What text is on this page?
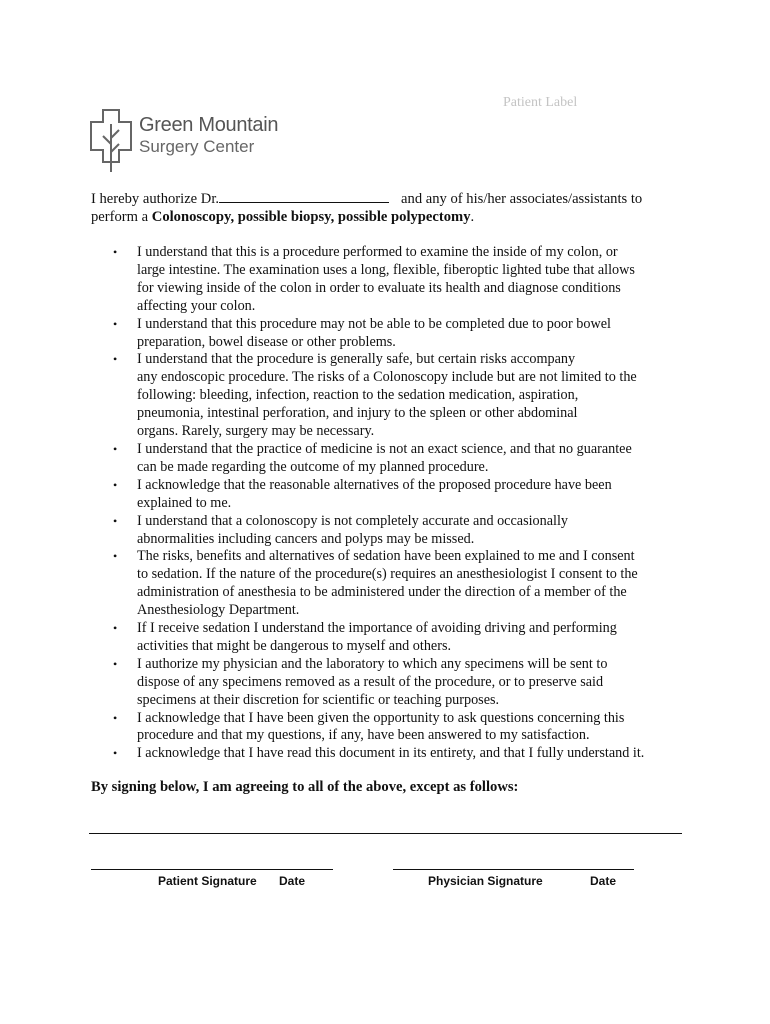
Patient Label
Green Mountain
Surgery Center
I hereby authorize Dr.	and any of his/her associates/assistants to
perform a Colonoscopy, possible biopsy, possible polypectomy.
• I understand that this is a procedure performed to examine the inside of my colon, or
large intestine. The examination uses a long, flexible, fiberoptic lighted tube that allows
for viewing inside of the colon in order to evaluate its health and diagnose conditions
affecting your colon.
• I understand that this procedure may not be able to be completed due to poor bowel
preparation, bowel disease or other problems.
• I understand that the procedure is generally safe, but certain risks accompany
any endoscopic procedure. The risks of a Colonoscopy include but are not limited to the
following: bleeding, infection, reaction to the sedation medication, aspiration,
pneumonia, intestinal perforation, and injury to the spleen or other abdominal
organs. Rarely, surgery may be necessary.
• I understand that the practice of medicine is not an exact science, and that no guarantee
can be made regarding the outcome of my planned procedure.
• I acknowledge that the reasonable alternatives of the proposed procedure have been
explained to me.
• I understand that a colonoscopy is not completely accurate and occasionally
abnormalities including cancers and polyps may be missed.
• The risks, benefits and alternatives of sedation have been explained to me and I consent
to sedation. If the nature of the procedure(s) requires an anesthesiologist I consent to the
administration of anesthesia to be administered under the direction of a member of the
Anesthesiology Department.
• If I receive sedation I understand the importance of avoiding driving and performing
activities that might be dangerous to myself and others.
• I authorize my physician and the laboratory to which any specimens will be sent to
dispose of any specimens removed as a result of the procedure, or to preserve said
specimens at their discretion for scientific or teaching purposes.
• I acknowledge that I have been given the opportunity to ask questions concerning this
procedure and that my questions, if any, have been answered to my satisfaction.
• I acknowledge that I have read this document in its entirety, and that I fully understand it.
By signing below, I am agreeing to all of the above, except as follows:
Patient Signature Date	Physician Signature	Date
